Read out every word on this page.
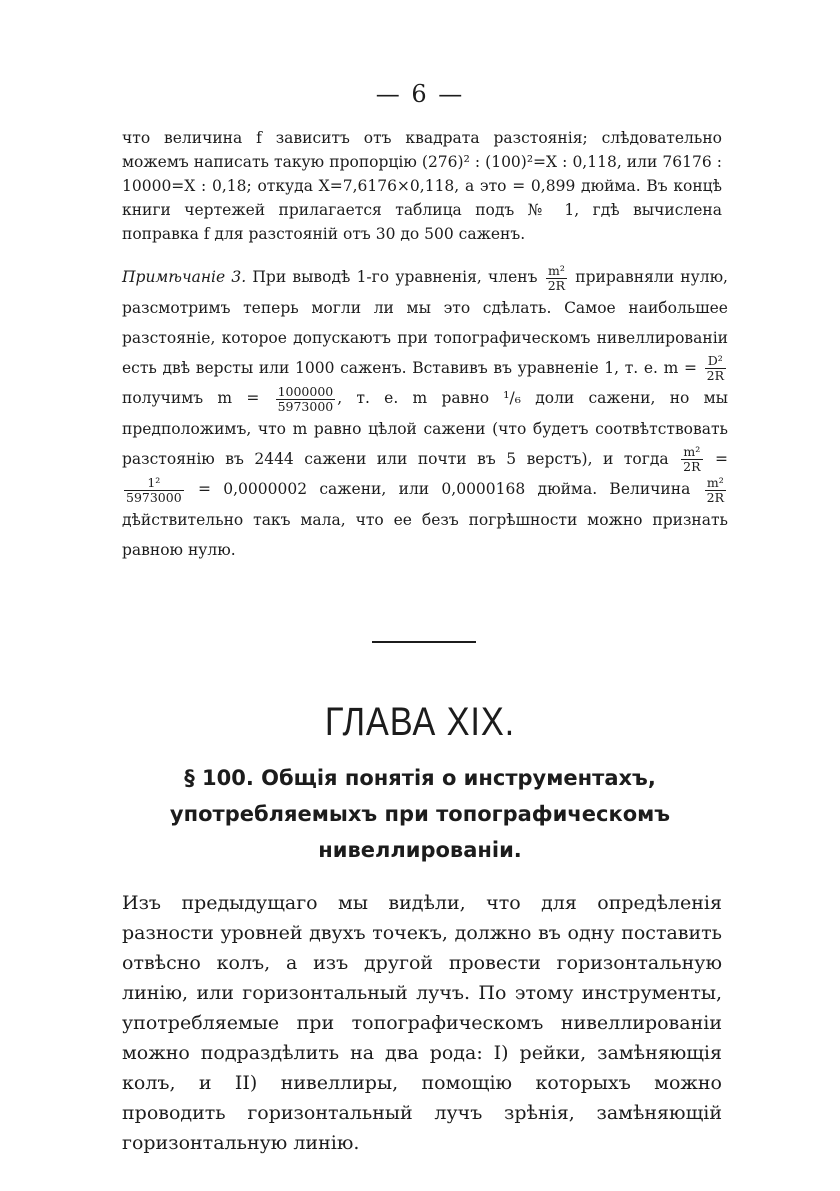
— 6 —

что величина f зависитъ отъ квадрата разстоянія; слѣдовательно можемъ написать такую пропорцію (276)² : (100)²=X : 0,118, или 76176 : 10000=X : 0,18; откуда X=7,6176×0,118, а это = 0,899 дюйма. Въ концѣ книги чертежей прилагается таблица подъ № 1, гдѣ вычислена поправка f для разстояній отъ 30 до 500 саженъ.

Примѣчаніе 3. При выводѣ 1-го уравненія, членъ $\frac{\text{m²}}{2R}$ приравняли нулю, разсмотримъ теперь могли ли мы это сдѣлать. Самое наибольшее разстояніе, которое допускаютъ при топографическомъ нивеллированіи есть двѣ версты или 1000 саженъ. Вставивъ въ уравненіе 1, т. е. $m = \frac{\text{D²}}{2R}$
получимъ $m = \frac{1000000}{5973000}$ , т. е. m равно ¹/₆ доли сажени, но мы предположимъ, что m равно цѣлой сажени (что будетъ соотвѣтствовать разстоянію въ 2444 сажени или почти въ 5 верстъ), и тогда $\frac{\text{m²}}{2R}$ =
$\frac{\text{1²}}{5973000} = 0,0000002$ сажени, или 0,0000168 дюйма. Величина $\frac{\text{m²}}{2R}$
дѣйствительно такъ мала, что ее безъ погрѣшности можно признать равною нулю.

ГЛАВА XIX.
§ 100. Общія понятія о инструментахъ, употребляемыхъ при топографическомъ нивеллированіи.

Изъ предыдущаго мы видѣли, что для опредѣленія разности уровней двухъ точекъ, должно въ одну поставить отвѣсно колъ, а изъ другой провести горизонтальную линію, или горизонтальный лучъ. По этому инструменты, употребляемые при топографическомъ нивеллированіи можно подраздѣлить на два рода: I) рейки, замѣняющія колъ, и II) нивеллиры, помощію которыхъ можно проводить горизонтальный лучъ зрѣнія, замѣняющій горизонтальную линію.
